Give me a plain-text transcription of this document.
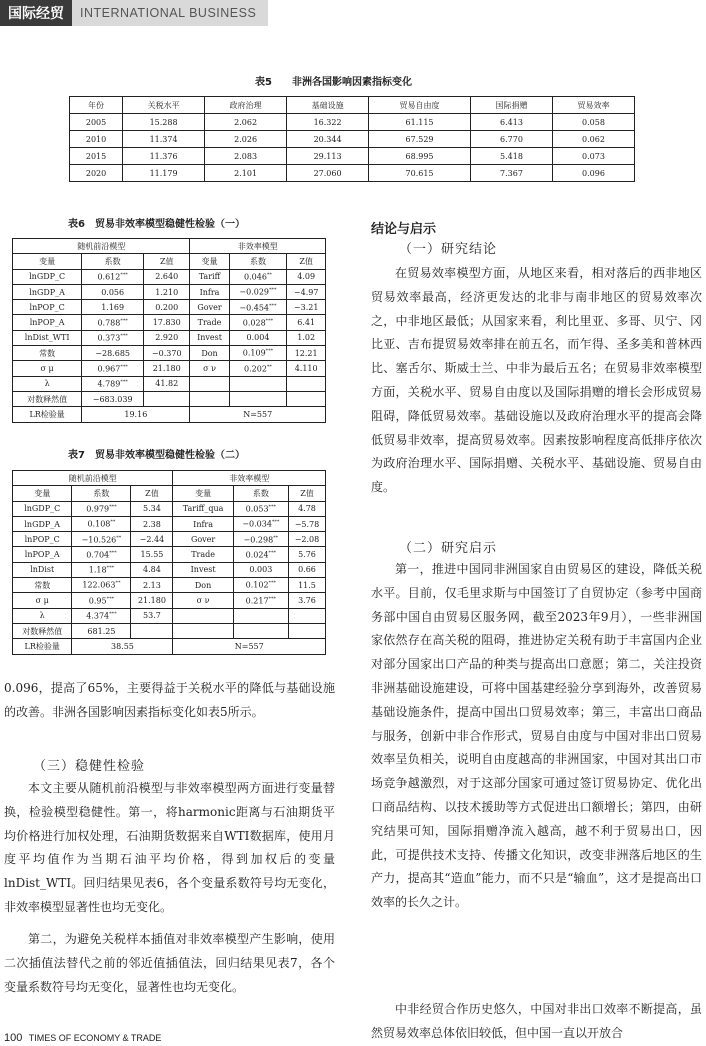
国际经贸	INTERNATIONAL BUSINESS
表5　　非洲各国影响因素指标变化
年份	关税水平	政府治理	基础设施	贸易自由度	国际捐赠	贸易效率
2005	15.288	2.062	16.322	61.115	6.413	0.058
2010	11.374	2.026	20.344	67.529	6.770	0.062
2015	11.376	2.083	29.113	68.995	5.418	0.073
2020	11.179	2.101	27.060	70.615	7.367	0.096
表6　贸易非效率模型稳健性检验（一）
随机前沿模型			非效率模型		
变量	系数	Z值	变量	系数	Z值
lnGDP_C	0.612***	2.640	Tariff	0.046**	4.09
lnGDP_A	0.056	1.210	Infra	−0.029***	−4.97
lnPOP_C	1.169	0.200	Gover	−0.454***	−3.21
lnPOP_A	0.788***	17.830	Trade	0.028***	6.41
lnDist_WTI	0.373***	2.920	Invest	0.004	1.02
常数	−28.685	−0.370	Don	0.109***	12.21
σ μ	0.967***	21.180	σ ν	0.202**	4.110
λ	4.789***	41.82			
对数释然值	−683.039				
LR检验量	19.16		N=557		
表7　贸易非效率模型稳健性检验（二）
随机前沿模型			非效率模型		
变量	系数	Z值	变量	系数	Z值
lnGDP_C	0.979***	5.34	Tariff_qua	0.053***	4.78
lnGDP_A	0.108**	2.38	Infra	−0.034***	−5.78
lnPOP_C	−10.526**	−2.44	Gover	−0.298**	−2.08
lnPOP_A	0.704***	15.55	Trade	0.024***	5.76
lnDist	1.18***	4.84	Invest	0.003	0.66
常数	122.063**	2.13	Don	0.102***	11.5
σ μ	0.95***	21.180	σ ν	0.217***	3.76
λ	4.374***	53.7			
对数释然值	681.25				
LR检验量	38.55		N=557		
0.096，提高了65%，主要得益于关税水平的降低与基础设施的改善。非洲各国影响因素指标变化如表5所示。
（三）稳健性检验
本文主要从随机前沿模型与非效率模型两方面进行变量替换，检验模型稳健性。第一，将harmonic距离与石油期货平均价格进行加权处理，石油期货数据来自WTI数据库，使用月度平均值作为当期石油平均价格，得到加权后的变量lnDist_WTI。回归结果见表6，各个变量系数符号均无变化，非效率模型显著性也均无变化。
第二，为避免关税样本插值对非效率模型产生影响，使用二次插值法替代之前的邻近值插值法，回归结果见表7，各个变量系数符号均无变化，显著性也均无变化。
结论与启示
（一）研究结论
在贸易效率模型方面，从地区来看，相对落后的西非地区贸易效率最高，经济更发达的北非与南非地区的贸易效率次之，中非地区最低；从国家来看，利比里亚、多哥、贝宁、冈比亚、吉布提贸易效率排在前五名，而乍得、圣多美和普林西比、塞舌尔、斯威士兰、中非为最后五名；在贸易非效率模型方面，关税水平、贸易自由度以及国际捐赠的增长会形成贸易阻碍，降低贸易效率。基础设施以及政府治理水平的提高会降低贸易非效率，提高贸易效率。因素按影响程度高低排序依次为政府治理水平、国际捐赠、关税水平、基础设施、贸易自由度。
（二）研究启示
第一，推进中国同非洲国家自由贸易区的建设，降低关税水平。目前，仅毛里求斯与中国签订了自贸协定（参考中国商务部中国自由贸易区服务网，截至2023年9月），一些非洲国家依然存在高关税的阻碍，推进协定关税有助于丰富国内企业对部分国家出口产品的种类与提高出口意愿；第二，关注投资非洲基础设施建设，可将中国基建经验分享到海外，改善贸易基础设施条件，提高中国出口贸易效率；第三，丰富出口商品与服务，创新中非合作形式，贸易自由度与中国对非出口贸易效率呈负相关，说明自由度越高的非洲国家，中国对其出口市场竞争越激烈，对于这部分国家可通过签订贸易协定、优化出口商品结构、以技术援助等方式促进出口额增长；第四，由研究结果可知，国际捐赠净流入越高，越不利于贸易出口，因此，可提供技术支持、传播文化知识，改变非洲落后地区的生产力，提高其“造血”能力，而不只是“输血”，这才是提高出口效率的长久之计。
中非经贸合作历史悠久，中国对非出口效率不断提高，虽然贸易效率总体依旧较低，但中国一直以开放合
100 TIMES OF ECONOMY & TRADE
